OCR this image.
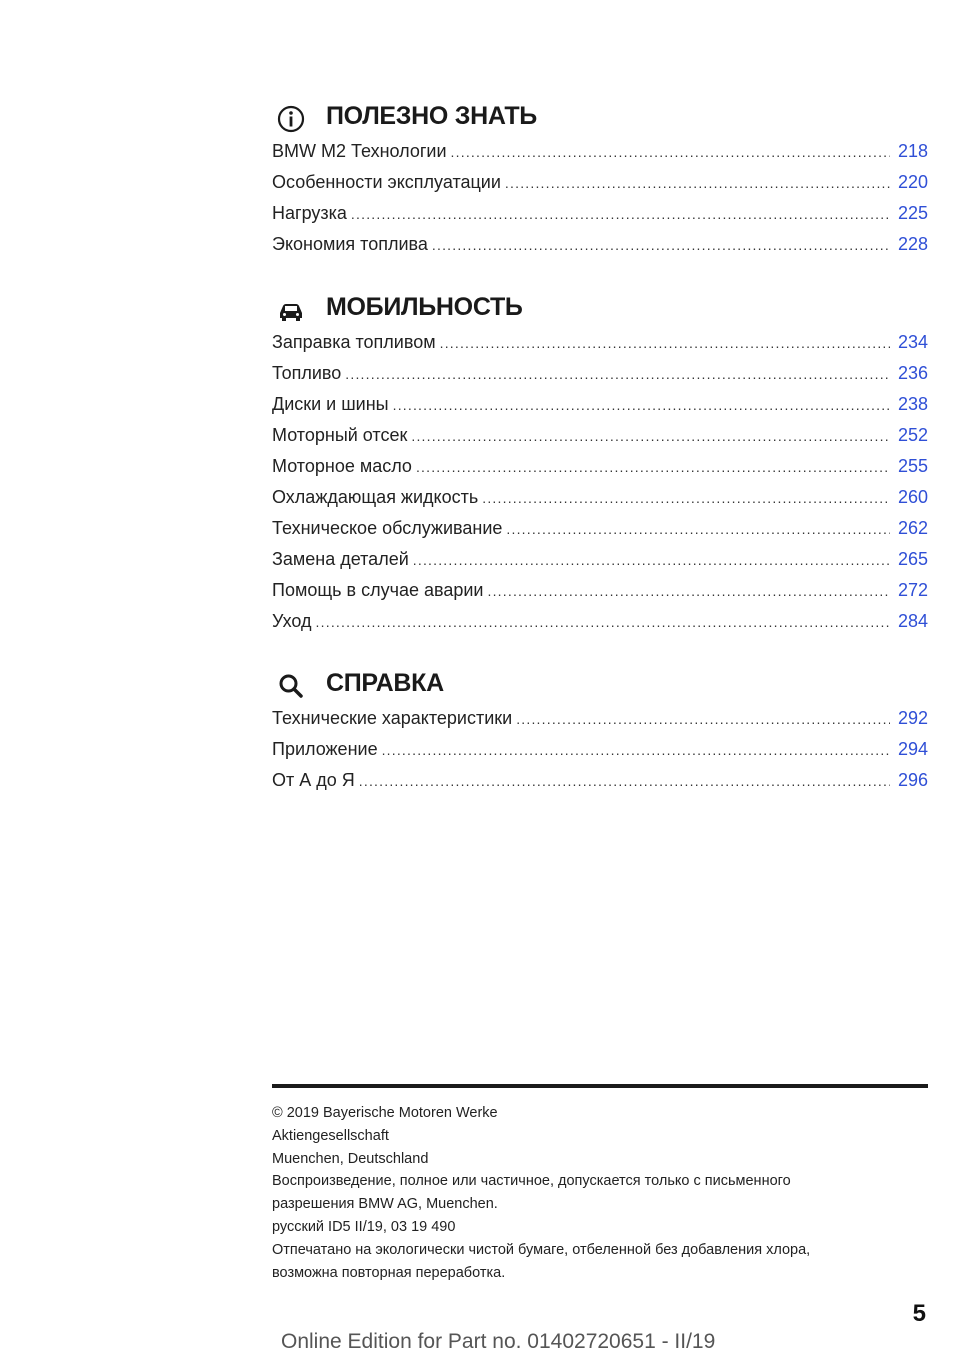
ПОЛЕЗНО ЗНАТЬ
BMW M2 Технологии .....	218
Особенности эксплуатации .....	220
Нагрузка .....	225
Экономия топлива .....	228
МОБИЛЬНОСТЬ
Заправка топливом .....	234
Топливо .....	236
Диски и шины .....	238
Моторный отсек .....	252
Моторное масло .....	255
Охлаждающая жидкость .....	260
Техническое обслуживание .....	262
Замена деталей .....	265
Помощь в случае аварии .....	272
Уход .....	284
СПРАВКА
Технические характеристики .....	292
Приложение .....	294
От А до Я .....	296
© 2019 Bayerische Motoren Werke
Aktiengesellschaft
Muenchen, Deutschland
Воспроизведение, полное или частичное, допускается только с письменного
разрешения BMW AG, Muenchen.
русский ID5 II/19, 03 19 490
Отпечатано на экологически чистой бумаге, отбеленной без добавления хлора,
возможна повторная переработка.
5
Online Edition for Part no. 01402720651 - II/19
